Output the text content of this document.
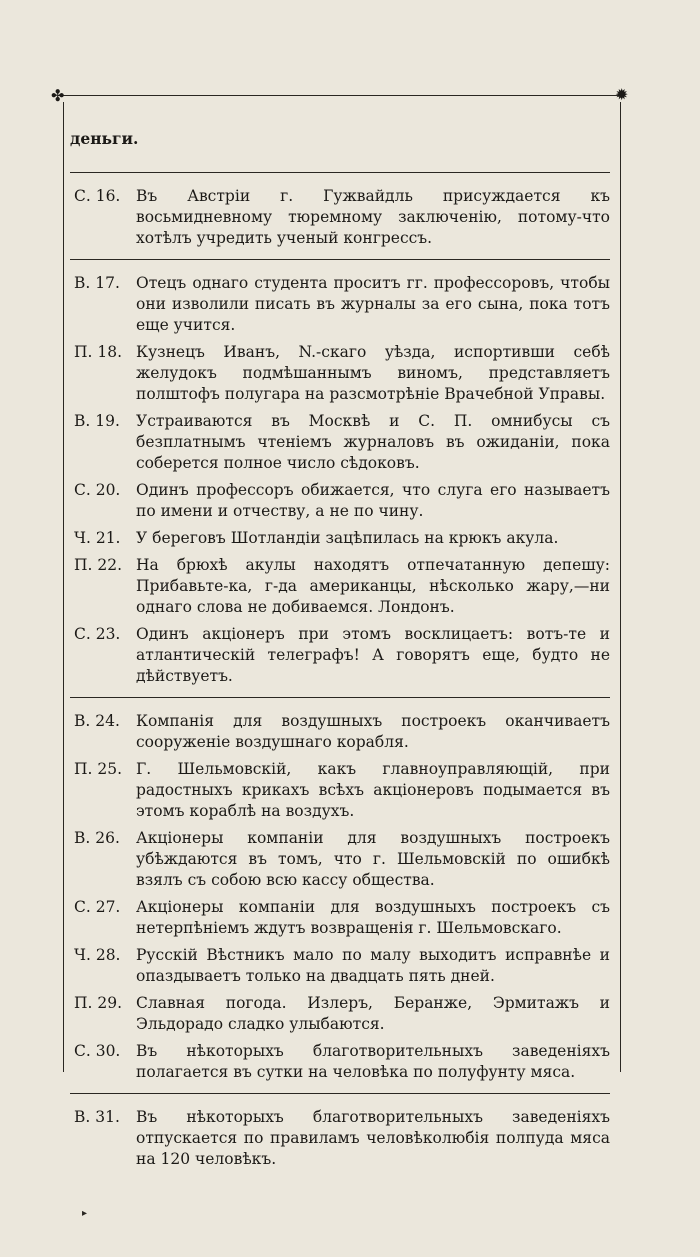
✤	✹
деньги.
С. 16.	Въ Австріи г. Гужвайдль присуждается къ восьмидневному тюремному заключенію, потому-что хотѣлъ учредить ученый конгрессъ.
В. 17.	Отецъ однаго студента проситъ гг. профессоровъ, чтобы они изволили писать въ журналы за его сына, пока тотъ еще учится.
П. 18. Кузнецъ Иванъ, N.-скаго уѣзда, испортивши себѣ желудокъ подмѣшаннымъ виномъ, представляетъ полштофъ полугара на разсмотрѣніе Врачебной Управы.
В. 19.	Устраиваются въ Москвѣ и С. П. омнибусы съ безплатнымъ чтеніемъ журналовъ въ ожиданіи, пока соберется полное число сѣдоковъ.
С. 20.	Одинъ профессоръ обижается, что слуга его называетъ по имени и отчеству, а не по чину.
Ч. 21.	У береговъ Шотландіи зацѣпилась на крюкъ акула.
П. 22. На брюхѣ акулы находятъ отпечатанную депешу: Прибавьте-ка, г-да американцы, нѣсколько жару,—ни однаго слова не добиваемся. Лондонъ.
С. 23.	Одинъ акціонеръ при этомъ восклицаетъ: вотъ-те и атлантическій телеграфъ! А говорятъ еще, будто не дѣйствуетъ.
В. 24.	Компанія для воздушныхъ построекъ оканчиваетъ сооруженіе воздушнаго корабля.
П. 25. Г. Шельмовскій, какъ главноуправляющій, при радостныхъ крикахъ всѣхъ акціонеровъ подымается въ этомъ кораблѣ на воздухъ.
В. 26.	Акціонеры компаніи для воздушныхъ построекъ убѣждаются въ томъ, что г. Шельмовскій по ошибкѣ взялъ съ собою всю кассу общества.
С. 27.	Акціонеры компаніи для воздушныхъ построекъ съ нетерпѣніемъ ждутъ возвращенія г. Шельмовскаго.
Ч. 28.	Русскій Вѣстникъ мало по малу выходитъ исправнѣе и опаздываетъ только на двадцать пять дней.
П. 29. Славная погода. Излеръ, Беранже, Эрмитажъ и Эльдорадо сладко улыбаются.
С. 30.	Въ нѣкоторыхъ благотворительныхъ заведеніяхъ полагается въ сутки на человѣка по полуфунту мяса.
В. 31.	Въ нѣкоторыхъ благотворительныхъ заведеніяхъ отпускается по правиламъ человѣколюбія полпуда мяса на 120 человѣкъ.
▸
